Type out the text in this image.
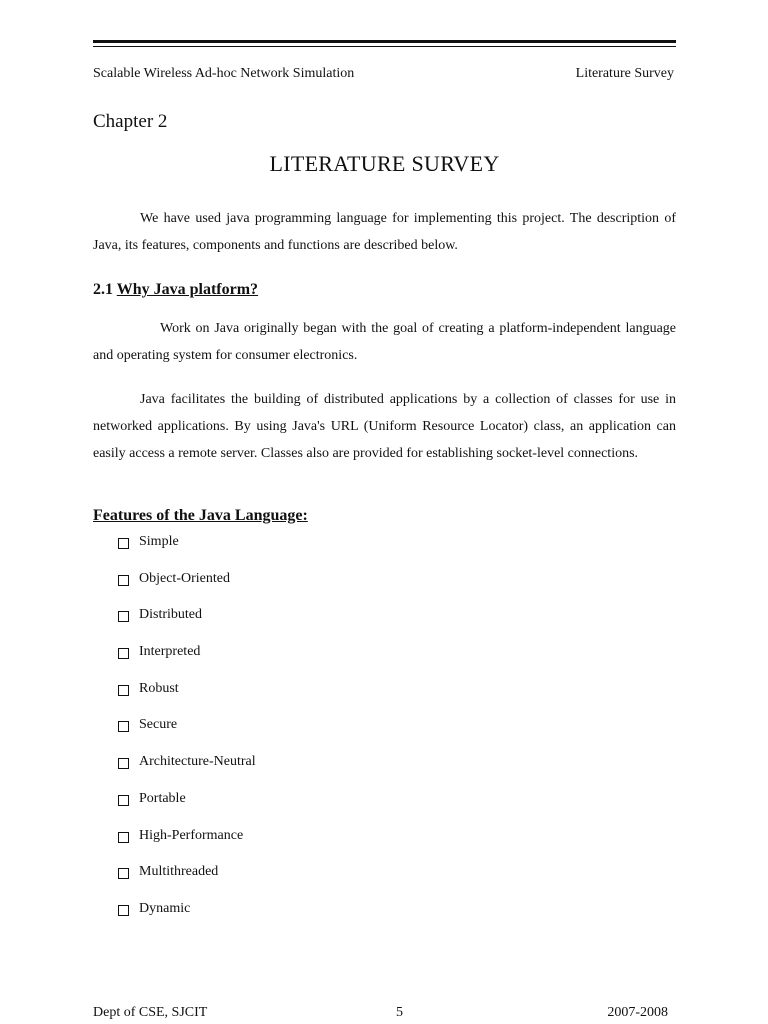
Scalable Wireless Ad-hoc Network Simulation	Literature Survey
Chapter 2
LITERATURE SURVEY

We have used java programming language for implementing this project. The description of Java, its features, components and functions are described below.

2.1 Why Java platform?

Work on Java originally began with the goal of creating a platform-independent language and operating system for consumer electronics.

Java facilitates the building of distributed applications by a collection of classes for use in networked applications. By using Java's URL (Uniform Resource Locator) class, an application can easily access a remote server. Classes also are provided for establishing socket-level connections.

Features of the Java Language:
Simple
Object-Oriented
Distributed
Interpreted
Robust
Secure
Architecture-Neutral
Portable
High-Performance
Multithreaded
Dynamic
Dept of CSE, SJCIT	5	2007-2008
